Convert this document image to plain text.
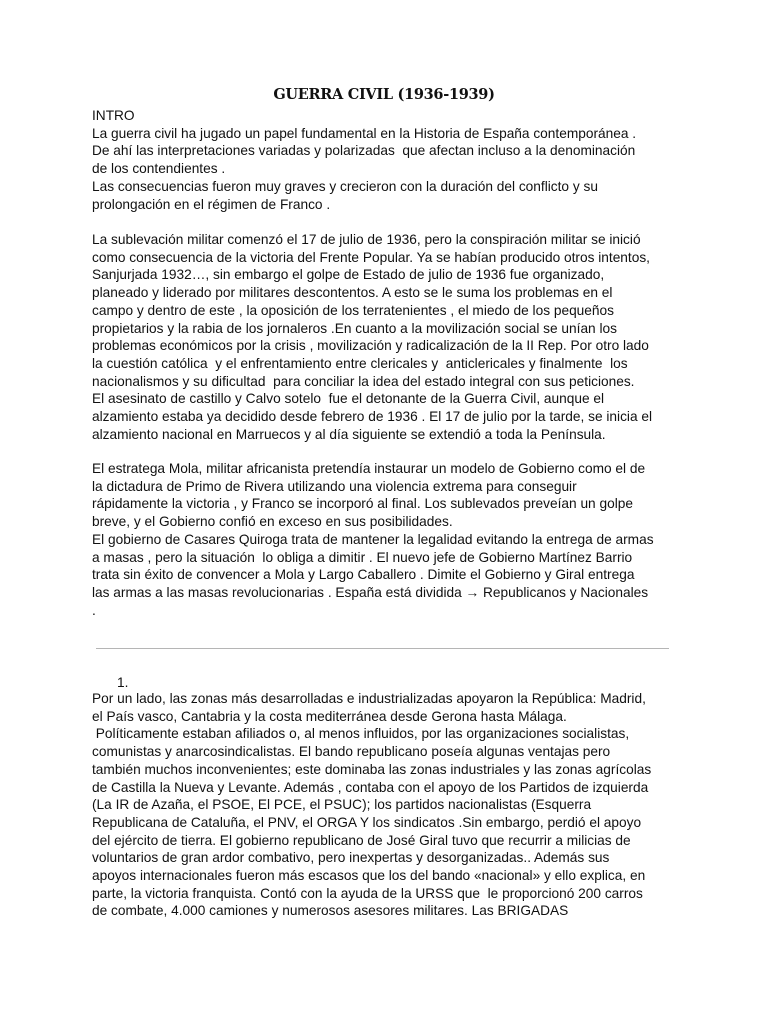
GUERRA CIVIL (1936-1939)
INTRO
La guerra civil ha jugado un papel fundamental en la Historia de España contemporánea .
De ahí las interpretaciones variadas y polarizadas  que afectan incluso a la denominación
de los contendientes .
Las consecuencias fueron muy graves y crecieron con la duración del conflicto y su
prolongación en el régimen de Franco .
La sublevación militar comenzó el 17 de julio de 1936, pero la conspiración militar se inició
como consecuencia de la victoria del Frente Popular. Ya se habían producido otros intentos,
Sanjurjada 1932…, sin embargo el golpe de Estado de julio de 1936 fue organizado,
planeado y liderado por militares descontentos. A esto se le suma los problemas en el
campo y dentro de este , la oposición de los terratenientes , el miedo de los pequeños
propietarios y la rabia de los jornaleros .En cuanto a la movilización social se unían los
problemas económicos por la crisis , movilización y radicalización de la II Rep. Por otro lado
la cuestión católica  y el enfrentamiento entre clericales y  anticlericales y finalmente  los
nacionalismos y su dificultad  para conciliar la idea del estado integral con sus peticiones.
El asesinato de castillo y Calvo sotelo  fue el detonante de la Guerra Civil, aunque el
alzamiento estaba ya decidido desde febrero de 1936 . El 17 de julio por la tarde, se inicia el
alzamiento nacional en Marruecos y al día siguiente se extendió a toda la Península.
El estratega Mola, militar africanista pretendía instaurar un modelo de Gobierno como el de
la dictadura de Primo de Rivera utilizando una violencia extrema para conseguir
rápidamente la victoria , y Franco se incorporó al final. Los sublevados preveían un golpe
breve, y el Gobierno confió en exceso en sus posibilidades.
El gobierno de Casares Quiroga trata de mantener la legalidad evitando la entrega de armas
a masas , pero la situación  lo obliga a dimitir . El nuevo jefe de Gobierno Martínez Barrio
trata sin éxito de convencer a Mola y Largo Caballero . Dimite el Gobierno y Giral entrega
las armas a las masas revolucionarias . España está dividida → Republicanos y Nacionales
.
1.
Por un lado, las zonas más desarrolladas e industrializadas apoyaron la República: Madrid,
el País vasco, Cantabria y la costa mediterránea desde Gerona hasta Málaga.
Políticamente estaban afiliados o, al menos influidos, por las organizaciones socialistas,
comunistas y anarcosindicalistas. El bando republicano poseía algunas ventajas pero
también muchos inconvenientes; este dominaba las zonas industriales y las zonas agrícolas
de Castilla la Nueva y Levante. Además , contaba con el apoyo de los Partidos de izquierda
(La IR de Azaña, el PSOE, El PCE, el PSUC); los partidos nacionalistas (Esquerra
Republicana de Cataluña, el PNV, el ORGA Y los sindicatos .Sin embargo, perdió el apoyo
del ejército de tierra. El gobierno republicano de José Giral tuvo que recurrir a milicias de
voluntarios de gran ardor combativo, pero inexpertas y desorganizadas.. Además sus
apoyos internacionales fueron más escasos que los del bando «nacional» y ello explica, en
parte, la victoria franquista. Contó con la ayuda de la URSS que  le proporcionó 200 carros
de combate, 4.000 camiones y numerosos asesores militares. Las BRIGADAS
